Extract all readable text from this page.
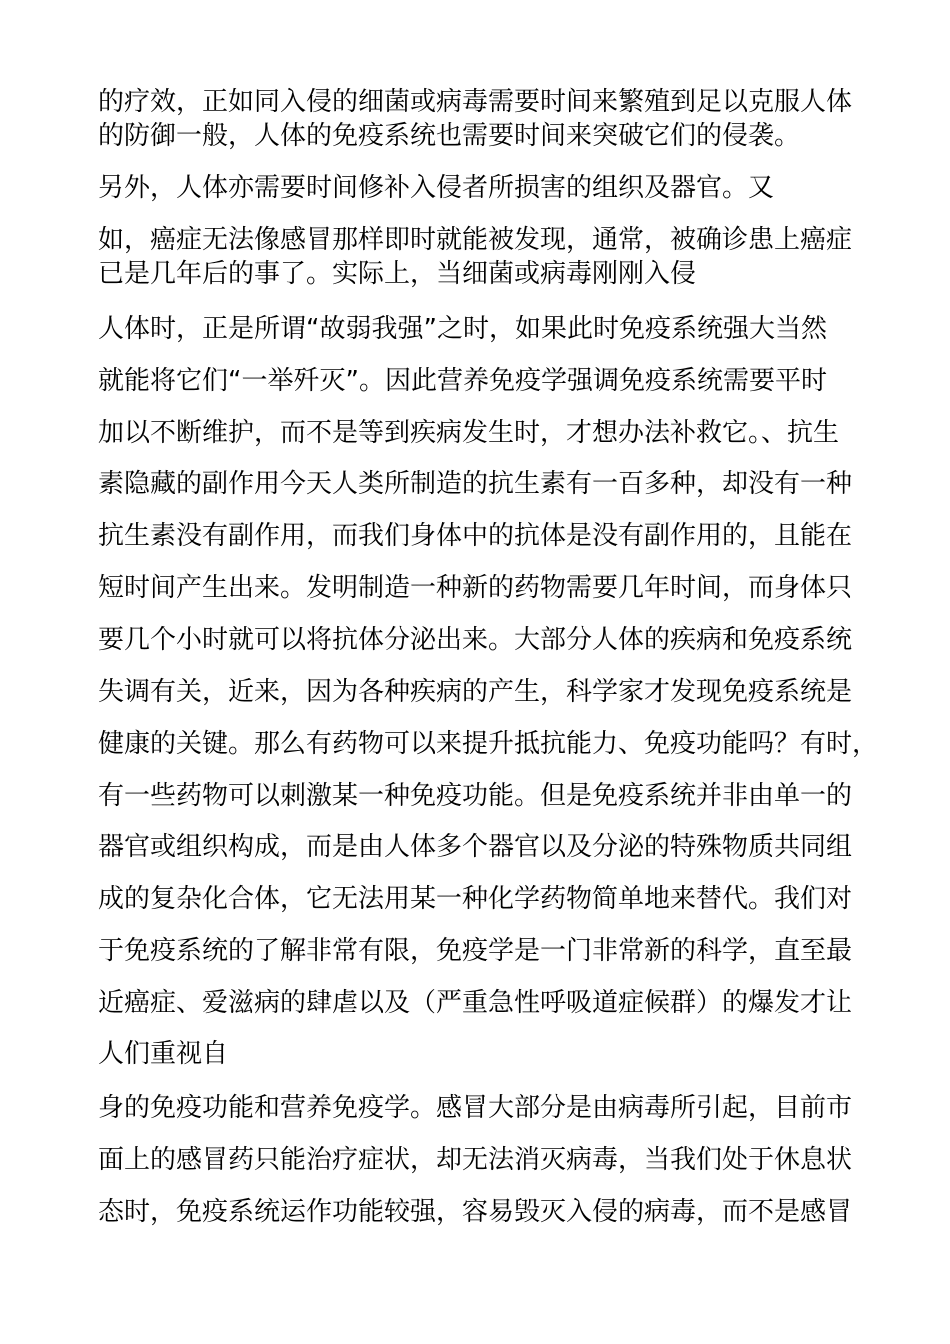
的疗效，正如同入侵的细菌或病毒需要时间来繁殖到足以克服人体
的防御一般，人体的免疫系统也需要时间来突破它们的侵袭。
另外，人体亦需要时间修补入侵者所损害的组织及器官。又
如，癌症无法像感冒那样即时就能被发现，通常，被确诊患上癌症
已是几年后的事了。实际上，当细菌或病毒刚刚入侵
人体时，正是所谓“故弱我强”之时，如果此时免疫系统强大当然
就能将它们“一举歼灭”。因此营养免疫学强调免疫系统需要平时
加以不断维护，而不是等到疾病发生时，才想办法补救它。、抗生
素隐藏的副作用今天人类所制造的抗生素有一百多种，却没有一种
抗生素没有副作用，而我们身体中的抗体是没有副作用的，且能在
短时间产生出来。发明制造一种新的药物需要几年时间，而身体只
要几个小时就可以将抗体分泌出来。大部分人体的疾病和免疫系统
失调有关，近来，因为各种疾病的产生，科学家才发现免疫系统是
健康的关键。那么有药物可以来提升抵抗能力、免疫功能吗？有时，
有一些药物可以刺激某一种免疫功能。但是免疫系统并非由单一的
器官或组织构成，而是由人体多个器官以及分泌的特殊物质共同组
成的复杂化合体，它无法用某一种化学药物简单地来替代。我们对
于免疫系统的了解非常有限，免疫学是一门非常新的科学，直至最
近癌症、爱滋病的肆虐以及（严重急性呼吸道症候群）的爆发才让
人们重视自
身的免疫功能和营养免疫学。感冒大部分是由病毒所引起，目前市
面上的感冒药只能治疗症状，却无法消灭病毒，当我们处于休息状
态时，免疫系统运作功能较强，容易毁灭入侵的病毒，而不是感冒
